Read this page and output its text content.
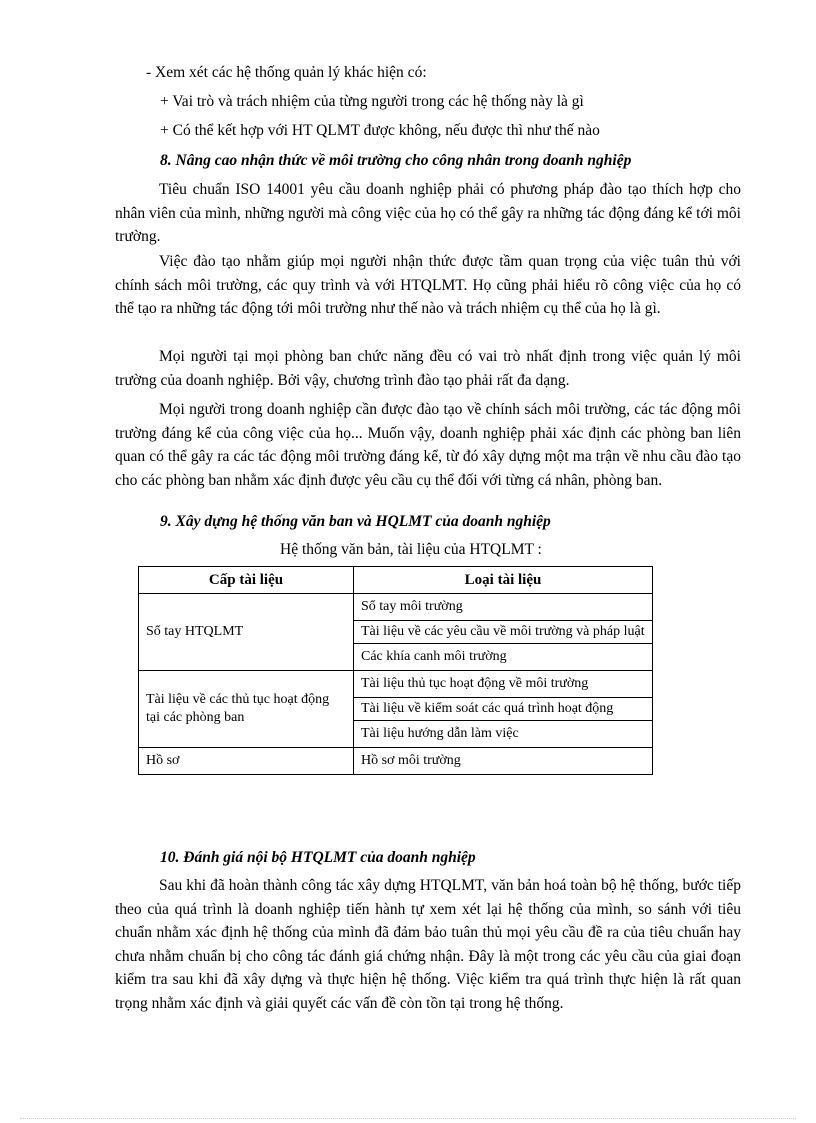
- Xem xét các hệ thống quản lý khác hiện có:

+ Vai trò và trách nhiệm của từng người trong các hệ thống này là gì

+ Có thể kết hợp với HT QLMT được không, nếu được thì như thế nào

8. Nâng cao nhận thức về môi trường cho công nhân trong doanh nghiệp

Tiêu chuẩn ISO 14001 yêu cầu doanh nghiệp phải có phương pháp đào tạo thích hợp cho nhân viên của mình, những người mà công việc của họ có thể gây ra những tác động đáng kể tới môi trường.

Việc đào tạo nhằm giúp mọi người nhận thức được tầm quan trọng của việc tuân thủ với chính sách môi trường, các quy trình và với HTQLMT. Họ cũng phải hiểu rõ công việc của họ có thể tạo ra những tác động tới môi trường như thế nào và trách nhiệm cụ thể của họ là gì.

Mọi người tại mọi phòng ban chức năng đều có vai trò nhất định trong việc quản lý môi trường của doanh nghiệp. Bởi vậy, chương trình đào tạo phải rất đa dạng.

Mọi người trong doanh nghiệp cần được đào tạo về chính sách môi trường, các tác động môi trường đáng kể của công việc của họ... Muốn vậy, doanh nghiệp phải xác định các phòng ban liên quan có thể gây ra các tác động môi trường đáng kể, từ đó xây dựng một ma trận về nhu cầu đào tạo cho các phòng ban nhằm xác định được yêu cầu cụ thể đối với từng cá nhân, phòng ban.

9. Xây dựng hệ thống văn ban và HQLMT của doanh nghiệp

Hệ thống văn bản, tài liệu của HTQLMT :

Cấp tài liệu	Loại tài liệu
Sổ tay HTQLMT	Sổ tay môi trường
	Tài liệu về các yêu cầu về môi trường và pháp luật
	Các khía canh môi trường
Tài liệu về các thủ tục hoạt động tại các phòng ban	Tài liệu thủ tục hoạt động về môi trường
	Tài liệu về kiểm soát các quá trình hoạt động
	Tài liệu hướng dẫn làm việc
Hồ sơ	Hồ sơ môi trường

10. Đánh giá nội bộ HTQLMT của doanh nghiệp

Sau khi đã hoàn thành công tác xây dựng HTQLMT, văn bản hoá toàn bộ hệ thống, bước tiếp theo của quá trình là doanh nghiệp tiến hành tự xem xét lại hệ thống của mình, so sánh với tiêu chuẩn nhằm xác định hệ thống của mình đã đảm bảo tuân thủ mọi yêu cầu đề ra của tiêu chuẩn hay chưa nhằm chuẩn bị cho công tác đánh giá chứng nhận. Đây là một trong các yêu cầu của giai đoạn kiểm tra sau khi đã xây dựng và thực hiện hệ thống. Việc kiểm tra quá trình thực hiện là rất quan trọng nhằm xác định và giải quyết các vấn đề còn tồn tại trong hệ thống.
